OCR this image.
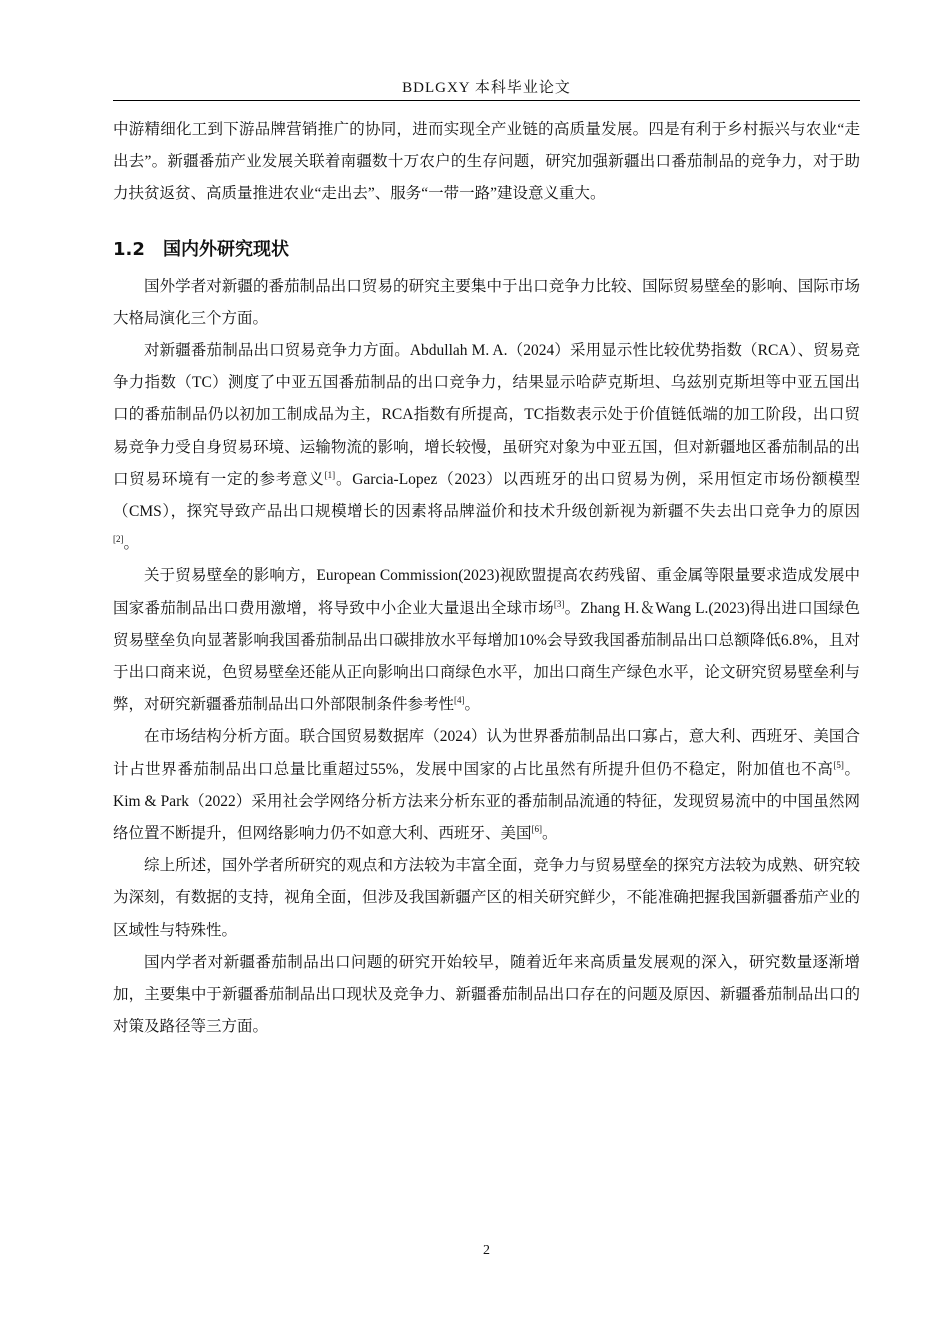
BDLGXY 本科毕业论文

中游精细化工到下游品牌营销推广的协同，进而实现全产业链的高质量发展。四是有利于乡村振兴与农业“走出去”。新疆番茄产业发展关联着南疆数十万农户的生存问题，研究加强新疆出口番茄制品的竞争力，对于助力扶贫返贫、高质量推进农业“走出去”、服务“一带一路”建设意义重大。

1.2 国内外研究现状

国外学者对新疆的番茄制品出口贸易的研究主要集中于出口竞争力比较、国际贸易壁垒的影响、国际市场大格局演化三个方面。

对新疆番茄制品出口贸易竞争力方面。Abdullah M. A.（2024）采用显示性比较优势指数（RCA）、贸易竞争力指数（TC）测度了中亚五国番茄制品的出口竞争力，结果显示哈萨克斯坦、乌兹别克斯坦等中亚五国出口的番茄制品仍以初加工制成品为主，RCA指数有所提高，TC指数表示处于价值链低端的加工阶段，出口贸易竞争力受自身贸易环境、运输物流的影响，增长较慢，虽研究对象为中亚五国，但对新疆地区番茄制品的出口贸易环境有一定的参考意义[1]。Garcia-Lopez（2023）以西班牙的出口贸易为例，采用恒定市场份额模型（CMS），探究导致产品出口规模增长的因素将品牌溢价和技术升级创新视为新疆不失去出口竞争力的原因[2]。

关于贸易壁垒的影响方，European Commission(2023)视欧盟提高农药残留、重金属等限量要求造成发展中国家番茄制品出口费用激增，将导致中小企业大量退出全球市场[3]。Zhang H.＆Wang L.(2023)得出进口国绿色贸易壁垒负向显著影响我国番茄制品出口碳排放水平每增加10%会导致我国番茄制品出口总额降低6.8%，且对于出口商来说，色贸易壁垒还能从正向影响出口商绿色水平，加出口商生产绿色水平，论文研究贸易壁垒利与弊，对研究新疆番茄制品出口外部限制条件参考性[4]。

在市场结构分析方面。联合国贸易数据库（2024）认为世界番茄制品出口寡占，意大利、西班牙、美国合计占世界番茄制品出口总量比重超过55%，发展中国家的占比虽然有所提升但仍不稳定，附加值也不高[5]。Kim & Park（2022）采用社会学网络分析方法来分析东亚的番茄制品流通的特征，发现贸易流中的中国虽然网络位置不断提升，但网络影响力仍不如意大利、西班牙、美国[6]。

综上所述，国外学者所研究的观点和方法较为丰富全面，竞争力与贸易壁垒的探究方法较为成熟、研究较为深刻，有数据的支持，视角全面，但涉及我国新疆产区的相关研究鲜少，不能准确把握我国新疆番茄产业的区域性与特殊性。

国内学者对新疆番茄制品出口问题的研究开始较早，随着近年来高质量发展观的深入，研究数量逐渐增加，主要集中于新疆番茄制品出口现状及竞争力、新疆番茄制品出口存在的问题及原因、新疆番茄制品出口的对策及路径等三方面。

2
